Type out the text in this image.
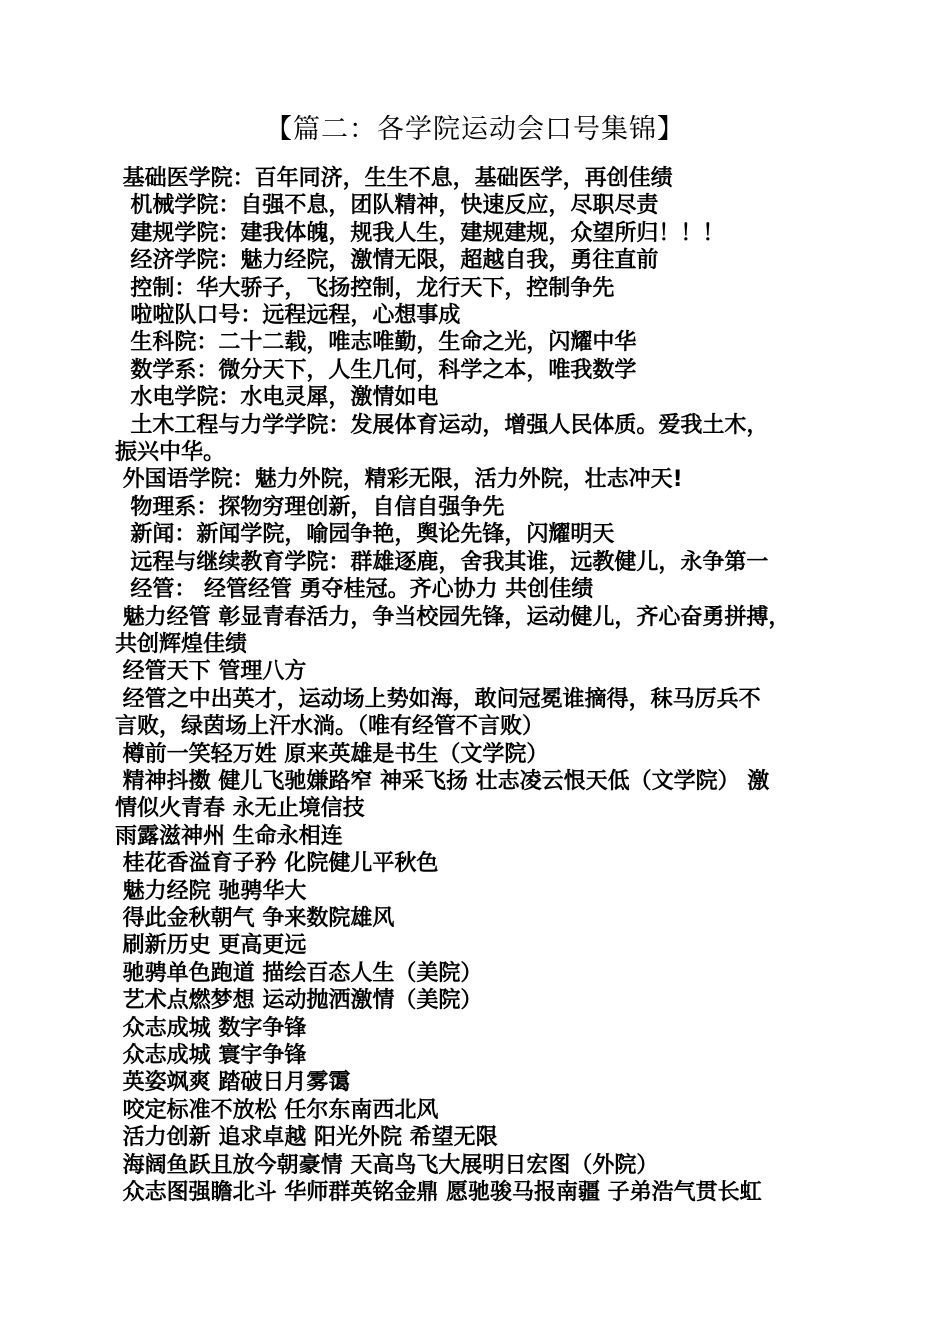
【篇二：各学院运动会口号集锦】
基础医学院：百年同济，生生不息，基础医学，再创佳绩
机械学院：自强不息，团队精神，快速反应，尽职尽责
建规学院：建我体魄，规我人生，建规建规，众望所归！！！
经济学院：魅力经院，激情无限，超越自我，勇往直前
控制：华大骄子，飞扬控制，龙行天下，控制争先
啦啦队口号：远程远程，心想事成
生科院：二十二载，唯志唯勤，生命之光，闪耀中华
数学系：微分天下，人生几何，科学之本，唯我数学
水电学院：水电灵犀，激情如电
土木工程与力学学院：发展体育运动，增强人民体质。爱我土木，
振兴中华。
外国语学院：魅力外院，精彩无限，活力外院，壮志冲天!
物理系：探物穷理创新，自信自强争先
新闻：新闻学院，喻园争艳，舆论先锋，闪耀明天
远程与继续教育学院：群雄逐鹿，舍我其谁，远教健儿，永争第一
经管： 经管经管 勇夺桂冠。齐心协力 共创佳绩
魅力经管 彰显青春活力，争当校园先锋，运动健儿，齐心奋勇拼搏，
共创辉煌佳绩
经管天下 管理八方
经管之中出英才，运动场上势如海，敢问冠冕谁摘得，秣马厉兵不
言败，绿茵场上汗水淌。（唯有经管不言败）
樽前一笑轻万姓 原来英雄是书生（文学院）
精神抖擞 健儿飞驰嫌路窄 神采飞扬 壮志凌云恨天低（文学院） 激
情似火青春 永无止境信技
雨露滋神州 生命永相连
桂花香溢育子矜 化院健儿平秋色
魅力经院 驰骋华大
得此金秋朝气 争来数院雄风
刷新历史 更高更远
驰骋单色跑道 描绘百态人生（美院）
艺术点燃梦想 运动抛洒激情（美院）
众志成城 数字争锋
众志成城 寰宇争锋
英姿飒爽 踏破日月雾霭
咬定标准不放松 任尔东南西北风
活力创新 追求卓越 阳光外院 希望无限
海阔鱼跃且放今朝豪情 天高鸟飞大展明日宏图（外院）
众志图强瞻北斗 华师群英铭金鼎 愿驰骏马报南疆 子弟浩气贯长虹
